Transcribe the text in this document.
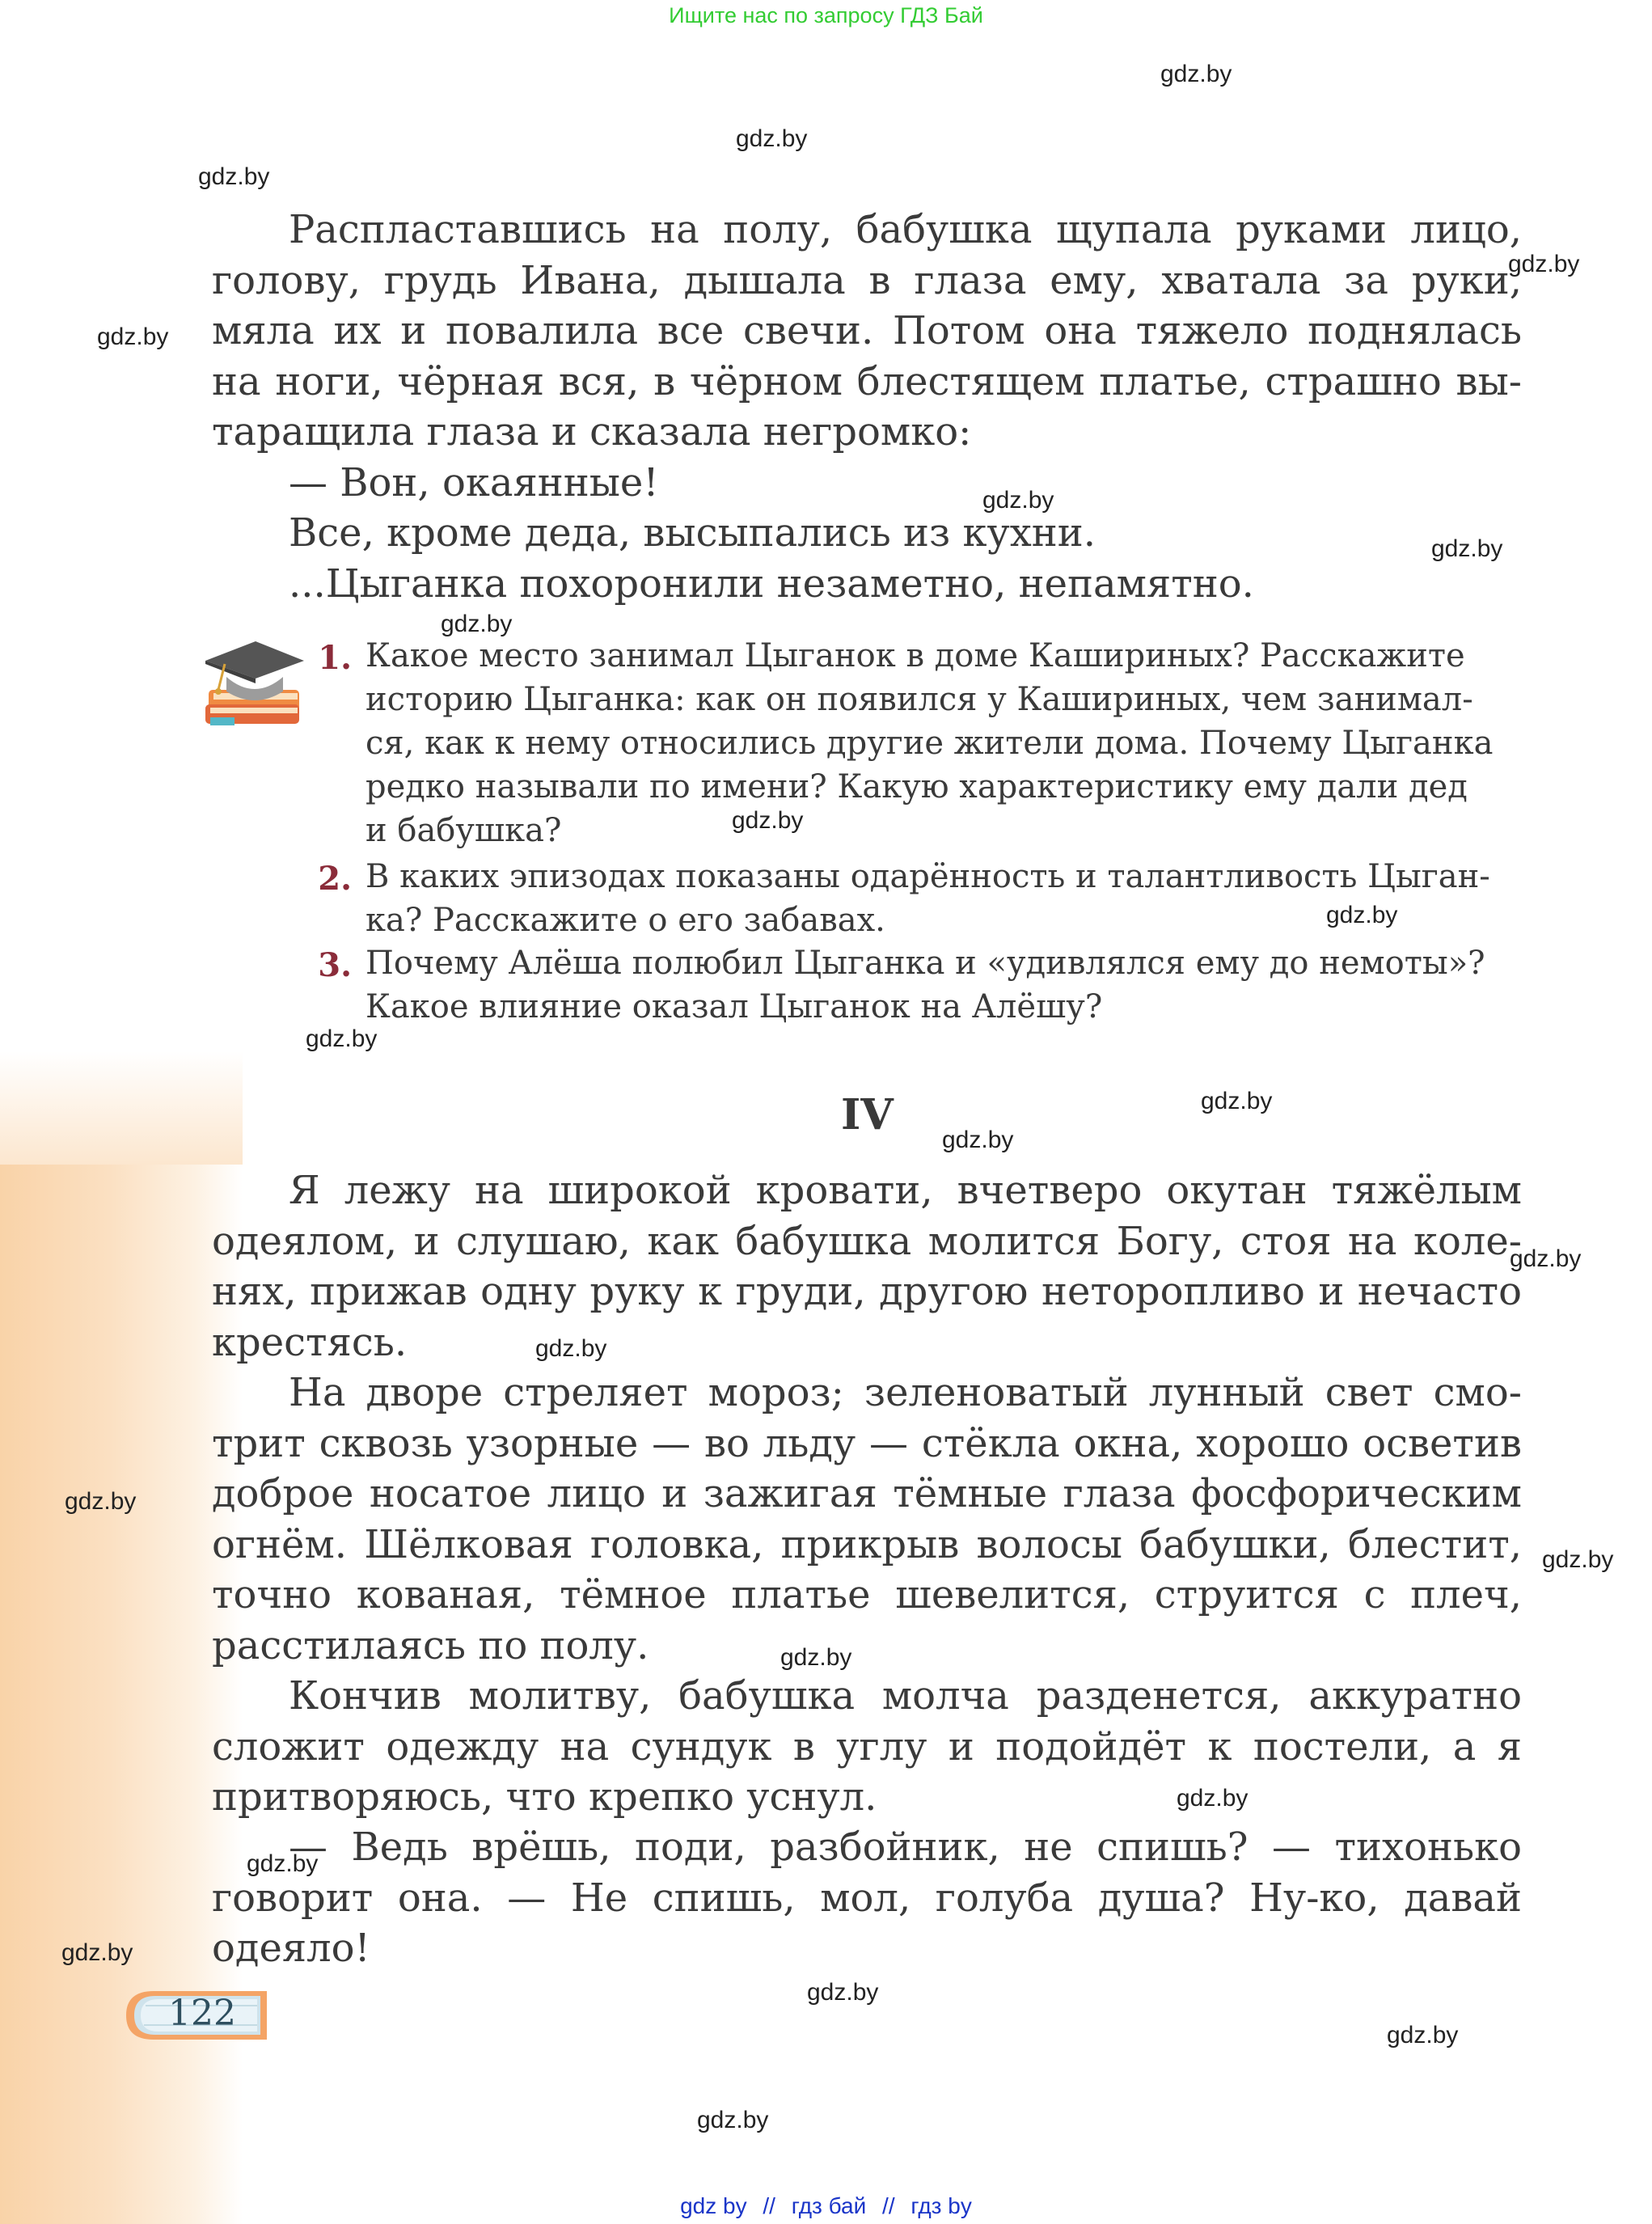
Ищите нас по запросу ГДЗ Бай
gdz.by
gdz.by
gdz.by
gdz.by
gdz.by
gdz.by
gdz.by
gdz.by
gdz.by
gdz.by
gdz.by
gdz.by
gdz.by
gdz.by
gdz.by
gdz.by
gdz.by
gdz.by
gdz.by
gdz.by
gdz.by
gdz.by
gdz.by
gdz.by
Распластавшись на полу, бабушка щупала руками лицо,
голову, грудь Ивана, дышала в глаза ему, хватала за руки,
мяла их и повалила все свечи. Потом она тяжело поднялась
на ноги, чёрная вся, в чёрном блестящем платье, страшно вы-
таращила глаза и сказала негромко:
— Вон, окаянные!
Все, кроме деда, высыпались из кухни.
...Цыганка похоронили незаметно, непамятно.
1. Какое место занимал Цыганок в доме Кашириных? Расскажите
историю Цыганка: как он появился у Кашириных, чем занимал-
ся, как к нему относились другие жители дома. Почему Цыганка
редко называли по имени? Какую характеристику ему дали дед
и бабушка?
2. В каких эпизодах показаны одарённость и талантливость Цыган-
ка? Расскажите о его забавах.
3. Почему Алёша полюбил Цыганка и «удивлялся ему до немоты»?
Какое влияние оказал Цыганок на Алёшу?
IV
Я лежу на широкой кровати, вчетверо окутан тяжёлым
одеялом, и слушаю, как бабушка молится Богу, стоя на коле-
нях, прижав одну руку к груди, другою неторопливо и нечасто
крестясь.
На дворе стреляет мороз; зеленоватый лунный свет смо-
трит сквозь узорные — во льду — стёкла окна, хорошо осветив
доброе носатое лицо и зажигая тёмные глаза фосфорическим
огнём. Шёлковая головка, прикрыв волосы бабушки, блестит,
точно кованая, тёмное платье шевелится, струится с плеч,
расстилаясь по полу.
Кончив молитву, бабушка молча разденется, аккуратно
сложит одежду на сундук в углу и подойдёт к постели, а я
притворяюсь, что крепко уснул.
— Ведь врёшь, поди, разбойник, не спишь? — тихонько
говорит она. — Не спишь, мол, голуба душа? Ну-ко, давай
одеяло!
122
gdz by // гдз бай // гдз by
